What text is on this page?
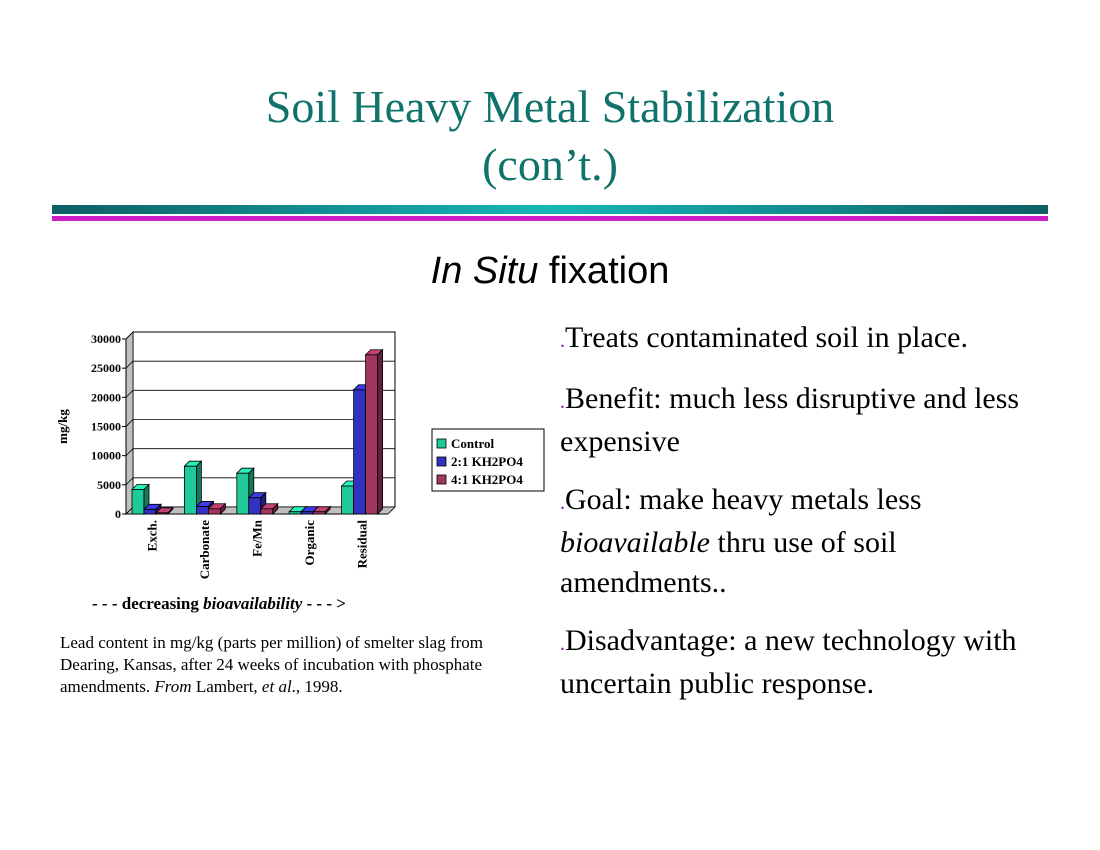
Soil Heavy Metal Stabilization
(con’t.)
In Situ fixation
.Treats contaminated soil in place.
.Benefit: much less disruptive and less expensive
.Goal: make heavy metals less bioavailable thru use of soil amendments..
.Disadvantage: a new technology with uncertain public response.
0
5000
10000
15000
20000
25000
30000
mg/kg
Exch.	Carbonate	Fe/Mn	Organic	Residual
Control
2:1 KH2PO4
4:1 KH2PO4
- - - decreasing bioavailability - - - >
Lead content in mg/kg (parts per million) of smelter slag from Dearing, Kansas, after 24 weeks of incubation with phosphate amendments. From Lambert, et al., 1998.
